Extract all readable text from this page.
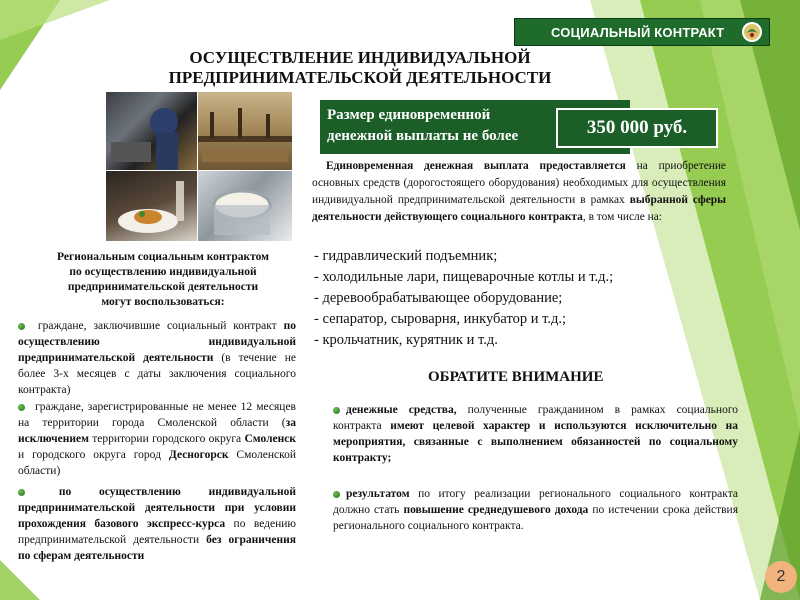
СОЦИАЛЬНЫЙ КОНТРАКТ
ОСУЩЕСТВЛЕНИЕ ИНДИВИДУАЛЬНОЙ
ПРЕДПРИНИМАТЕЛЬСКОЙ ДЕЯТЕЛЬНОСТИ
Размер единовременной
денежной выплаты не более	350 000 руб.
Единовременная денежная выплата предоставляется на приобретение основных средств (дорогостоящего оборудования) необходимых для осуществления индивидуальной предпринимательской деятельности в рамках выбранной сферы деятельности действующего социального контракта, в том числе на:
- гидравлический подъемник;
- холодильные лари, пищеварочные котлы и т.д.;
- деревообрабатывающее оборудование;
- сепаратор, сыроварня, инкубатор и т.д.;
- крольчатник, курятник и т.д.
ОБРАТИТЕ ВНИМАНИЕ
денежные средства, полученные гражданином в рамках социального контракта имеют целевой характер и используются исключительно на мероприятия, связанные с выполнением обязанностей по социальному контракту;
результатом по итогу реализации регионального социального контракта должно стать повышение среднедушевого дохода по истечении срока действия регионального социального контракта.
Региональным социальным контрактом
по осуществлению индивидуальной
предпринимательской деятельности
могут воспользоваться:
граждане, заключившие социальный контракт по осуществлению индивидуальной предпринимательской деятельности (в течение не более 3-х месяцев с даты заключения социального контракта)
граждане, зарегистрированные не менее 12 месяцев на территории города Смоленской области (за исключением территории городского округа Смоленск и городского округа город Десногорск Смоленской области)
по осуществлению индивидуальной предпринимательской деятельности при условии прохождения базового экспресс-курса по ведению предпринимательской деятельности без ограничения по сферам деятельности
2
